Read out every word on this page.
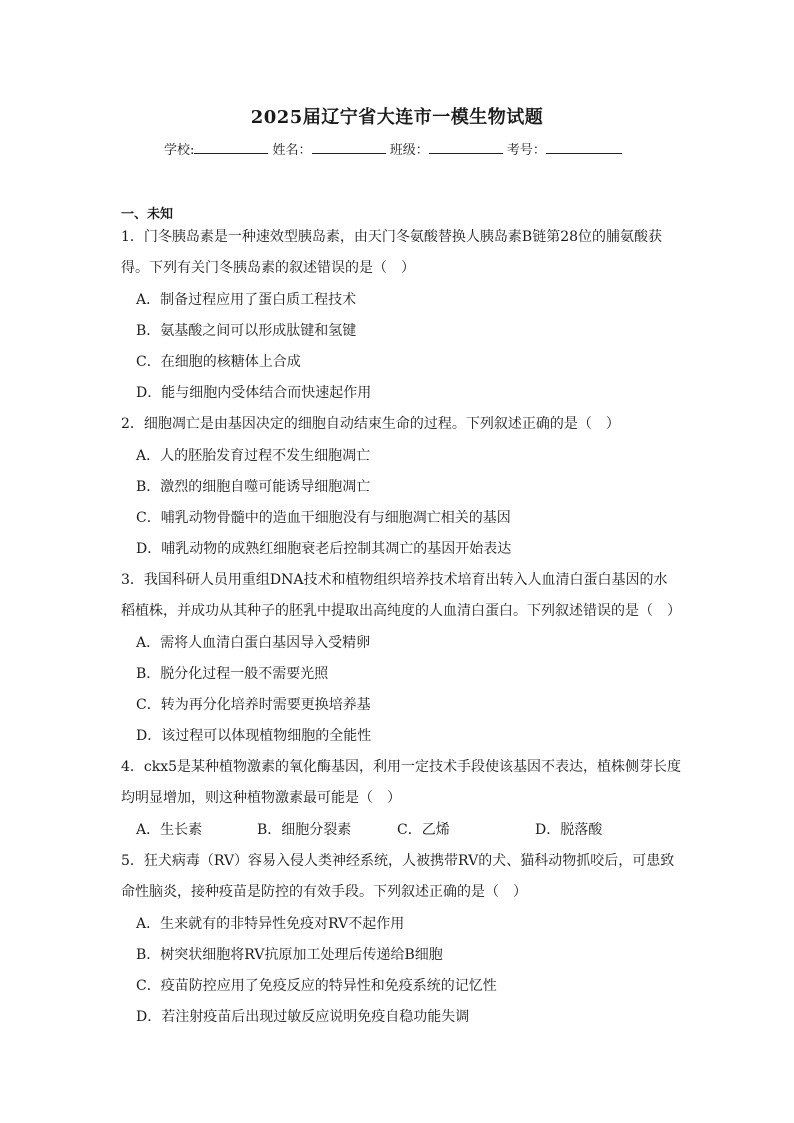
2025届辽宁省大连市一模生物试题
学校:	姓名：	班级：	考号：
一、未知
1．门冬胰岛素是一种速效型胰岛素，由天门冬氨酸替换人胰岛素B链第28位的脯氨酸获
得。下列有关门冬胰岛素的叙述错误的是（　）
A．制备过程应用了蛋白质工程技术
B．氨基酸之间可以形成肽键和氢键
C．在细胞的核糖体上合成
D．能与细胞内受体结合而快速起作用
2．细胞凋亡是由基因决定的细胞自动结束生命的过程。下列叙述正确的是（　）
A．人的胚胎发育过程不发生细胞凋亡
B．激烈的细胞自噬可能诱导细胞凋亡
C．哺乳动物骨髓中的造血干细胞没有与细胞凋亡相关的基因
D．哺乳动物的成熟红细胞衰老后控制其凋亡的基因开始表达
3．我国科研人员用重组DNA技术和植物组织培养技术培育出转入人血清白蛋白基因的水
稻植株，并成功从其种子的胚乳中提取出高纯度的人血清白蛋白。下列叙述错误的是（　）
A．需将人血清白蛋白基因导入受精卵
B．脱分化过程一般不需要光照
C．转为再分化培养时需要更换培养基
D．该过程可以体现植物细胞的全能性
4．ckx5是某种植物激素的氧化酶基因，利用一定技术手段使该基因不表达，植株侧芽长度
均明显增加，则这种植物激素最可能是（　）
A．生长素	B．细胞分裂素	C．乙烯	D．脱落酸
5．狂犬病毒（RV）容易入侵人类神经系统，人被携带RV的犬、猫科动物抓咬后，可患致
命性脑炎，接种疫苗是防控的有效手段。下列叙述正确的是（　）
A．生来就有的非特异性免疫对RV不起作用
B．树突状细胞将RV抗原加工处理后传递给B细胞
C．疫苗防控应用了免疫反应的特异性和免疫系统的记忆性
D．若注射疫苗后出现过敏反应说明免疫自稳功能失调
